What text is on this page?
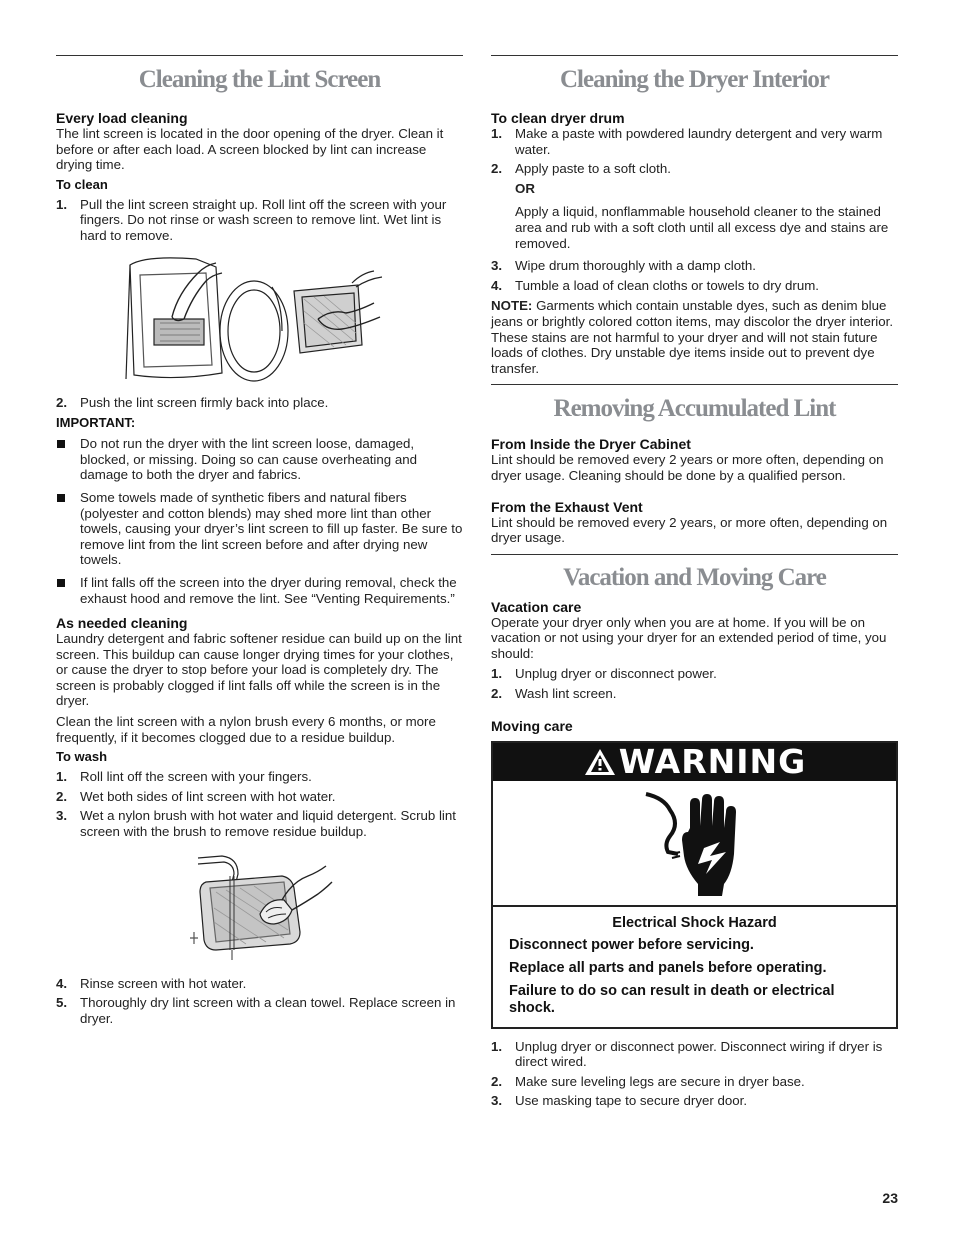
Cleaning the Lint Screen
Every load cleaning

The lint screen is located in the door opening of the dryer. Clean it before or after each load. A screen blocked by lint can increase drying time.

To clean
1. Pull the lint screen straight up. Roll lint off the screen with your fingers. Do not rinse or wash screen to remove lint. Wet lint is hard to remove.
2. Push the lint screen firmly back into place.
IMPORTANT:
Do not run the dryer with the lint screen loose, damaged, blocked, or missing. Doing so can cause overheating and damage to both the dryer and fabrics.
Some towels made of synthetic fibers and natural fibers (polyester and cotton blends) may shed more lint than other towels, causing your dryer’s lint screen to fill up faster. Be sure to remove lint from the lint screen before and after drying new towels.
If lint falls off the screen into the dryer during removal, check the exhaust hood and remove the lint. See “Venting Requirements.”
As needed cleaning

Laundry detergent and fabric softener residue can build up on the lint screen. This buildup can cause longer drying times for your clothes, or cause the dryer to stop before your load is completely dry. The screen is probably clogged if lint falls off while the screen is in the dryer.

Clean the lint screen with a nylon brush every 6 months, or more frequently, if it becomes clogged due to a residue buildup.

To wash
1. Roll lint off the screen with your fingers.
2. Wet both sides of lint screen with hot water.
3. Wet a nylon brush with hot water and liquid detergent. Scrub lint screen with the brush to remove residue buildup.
4. Rinse screen with hot water.
5. Thoroughly dry lint screen with a clean towel. Replace screen in dryer.
Cleaning the Dryer Interior
To clean dryer drum
1. Make a paste with powdered laundry detergent and very warm water.
2. Apply paste to a soft cloth.
OR
Apply a liquid, nonflammable household cleaner to the stained area and rub with a soft cloth until all excess dye and stains are removed.
3. Wipe drum thoroughly with a damp cloth.
4. Tumble a load of clean cloths or towels to dry drum.

NOTE: Garments which contain unstable dyes, such as denim blue jeans or brightly colored cotton items, may discolor the dryer interior. These stains are not harmful to your dryer and will not stain future loads of clothes. Dry unstable dye items inside out to prevent dye transfer.

Removing Accumulated Lint
From Inside the Dryer Cabinet

Lint should be removed every 2 years or more often, depending on dryer usage. Cleaning should be done by a qualified person.

From the Exhaust Vent

Lint should be removed every 2 years, or more often, depending on dryer usage.

Vacation and Moving Care
Vacation care

Operate your dryer only when you are at home. If you will be on vacation or not using your dryer for an extended period of time, you should:

1. Unplug dryer or disconnect power.
2. Wash lint screen.
Moving care
WARNING
Electrical Shock Hazard
Disconnect power before servicing.
Replace all parts and panels before operating.
Failure to do so can result in death or electrical shock.
1. Unplug dryer or disconnect power. Disconnect wiring if dryer is direct wired.
2. Make sure leveling legs are secure in dryer base.
3. Use masking tape to secure dryer door.
23
